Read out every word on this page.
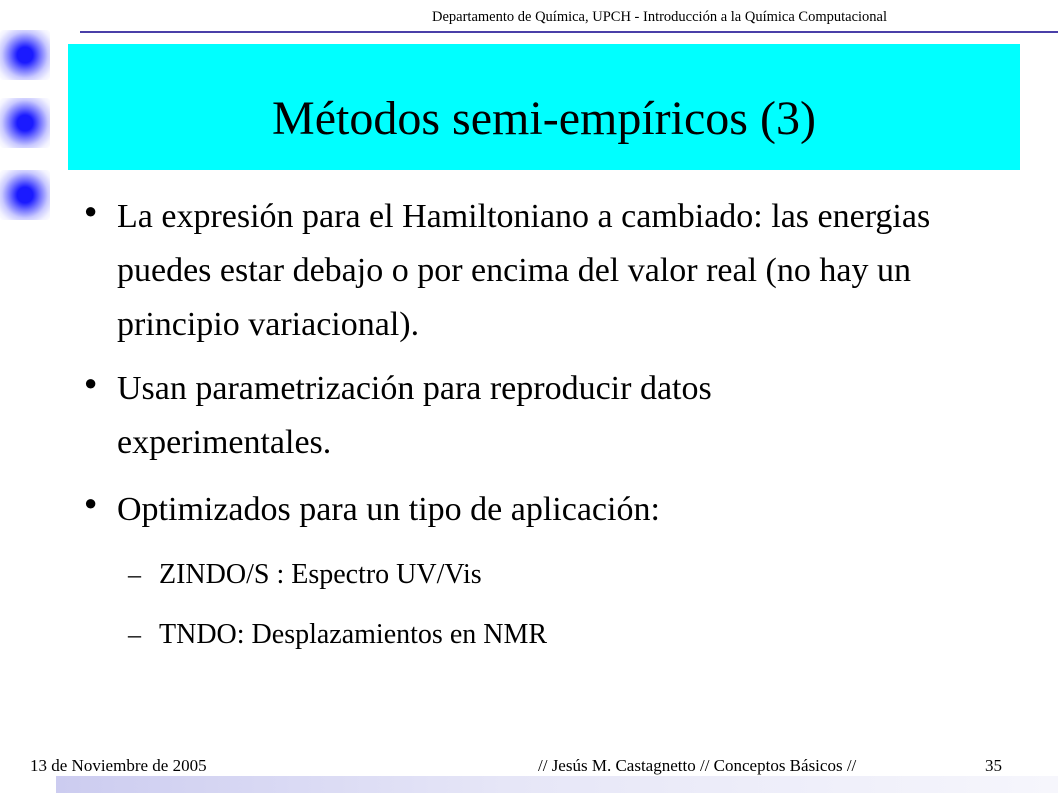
Departamento de Química, UPCH - Introducción a la Química Computacional
Métodos semi-empíricos (3)
● La expresión para el Hamiltoniano a cambiado: las energias puedes estar debajo o por encima del valor real (no hay un principio variacional).
● Usan parametrización para reproducir datos experimentales.
● Optimizados para un tipo de aplicación:
– ZINDO/S : Espectro UV/Vis
– TNDO: Desplazamientos en NMR
13 de Noviembre de 2005	// Jesús M. Castagnetto // Conceptos Básicos //	35
